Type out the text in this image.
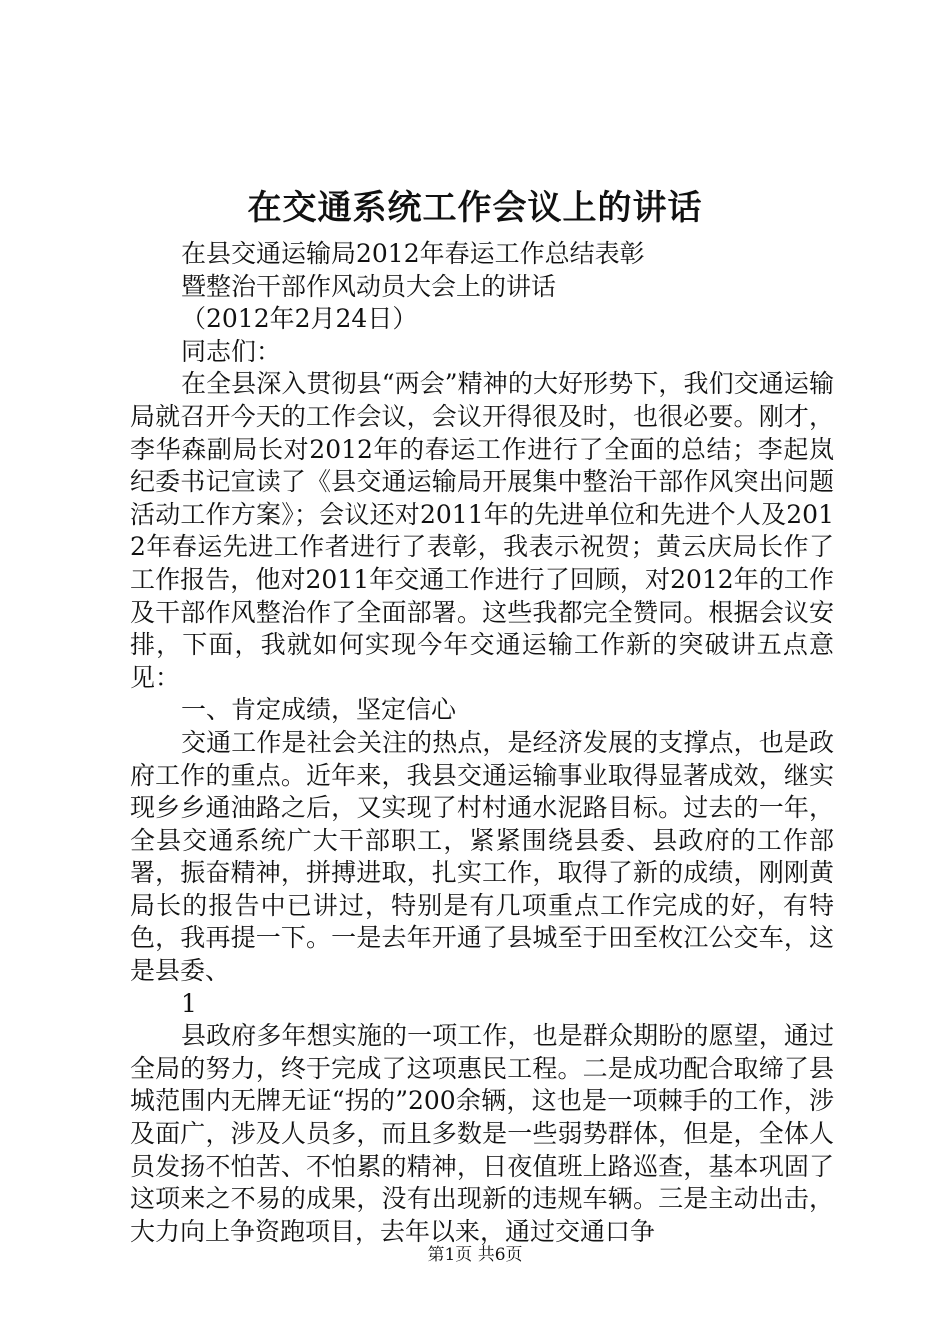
在交通系统工作会议上的讲话

在县交通运输局2012年春运工作总结表彰

暨整治干部作风动员大会上的讲话

（2012年2月24日）

同志们：

在全县深入贯彻县“两会”精神的大好形势下，我们交通运输局就召开今天的工作会议，会议开得很及时，也很必要。刚才，李华森副局长对2012年的春运工作进行了全面的总结；李起岚纪委书记宣读了《县交通运输局开展集中整治干部作风突出问题活动工作方案》；会议还对2011年的先进单位和先进个人及2012年春运先进工作者进行了表彰，我表示祝贺；黄云庆局长作了工作报告，他对2011年交通工作进行了回顾，对2012年的工作及干部作风整治作了全面部署。这些我都完全赞同。根据会议安排，下面，我就如何实现今年交通运输工作新的突破讲五点意见：

一、肯定成绩，坚定信心

交通工作是社会关注的热点，是经济发展的支撑点，也是政府工作的重点。近年来，我县交通运输事业取得显著成效，继实现乡乡通油路之后，又实现了村村通水泥路目标。过去的一年，全县交通系统广大干部职工，紧紧围绕县委、县政府的工作部署，振奋精神，拼搏进取，扎实工作，取得了新的成绩，刚刚黄局长的报告中已讲过，特别是有几项重点工作完成的好，有特色，我再提一下。一是去年开通了县城至于田至枚江公交车，这是县委、

1

县政府多年想实施的一项工作，也是群众期盼的愿望，通过全局的努力，终于完成了这项惠民工程。二是成功配合取缔了县城范围内无牌无证“拐的”200余辆，这也是一项棘手的工作，涉及面广，涉及人员多，而且多数是一些弱势群体，但是，全体人员发扬不怕苦、不怕累的精神，日夜值班上路巡查，基本巩固了这项来之不易的成果，没有出现新的违规车辆。三是主动出击，大力向上争资跑项目，去年以来，通过交通口争

第1页 共6页
